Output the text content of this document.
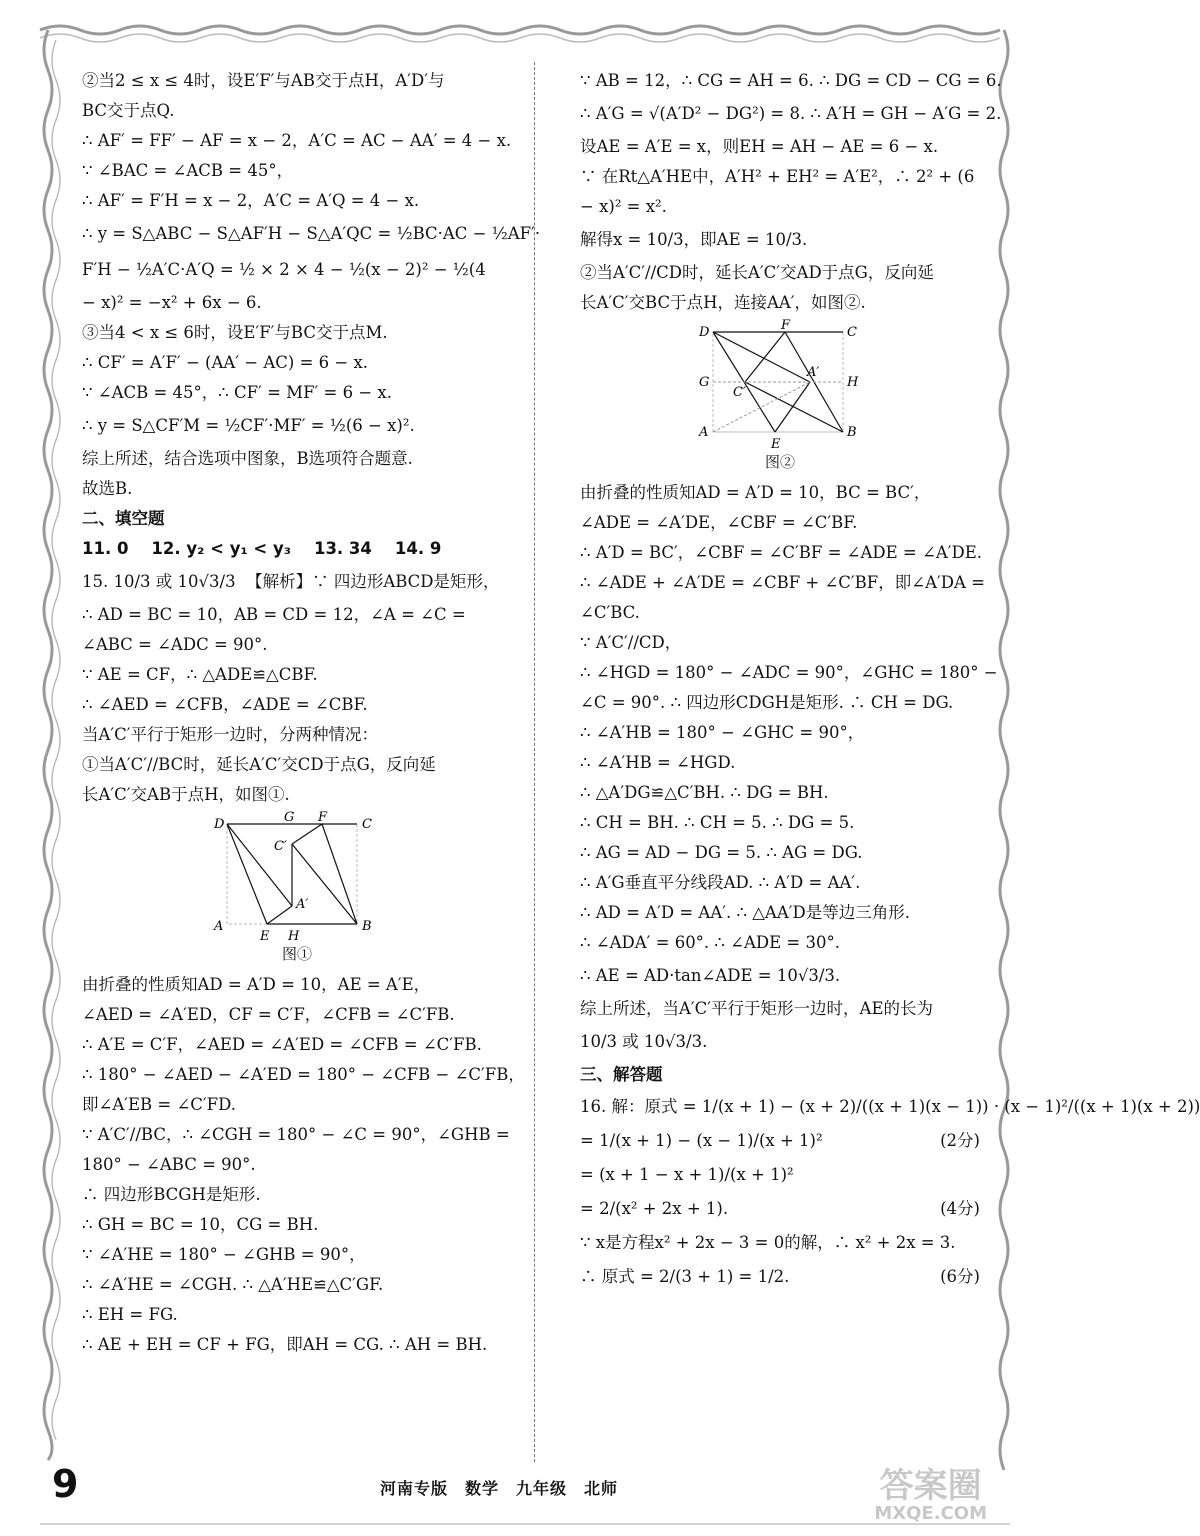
②当2 ≤ x ≤ 4时，设E′F′与AB交于点H，A′D′与
BC交于点Q.
∴ AF′ = FF′ − AF = x − 2，A′C = AC − AA′ = 4 − x.
∵ ∠BAC = ∠ACB = 45°，
∴ AF′ = F′H = x − 2，A′C = A′Q = 4 − x.
∴ y = S△ABC − S△AF′H − S△A′QC = ½BC·AC − ½AF′·
F′H − ½A′C·A′Q = ½ × 2 × 4 − ½(x − 2)² − ½(4
− x)² = −x² + 6x − 6.
③当4 < x ≤ 6时，设E′F′与BC交于点M.
∴ CF′ = A′F′ − (AA′ − AC) = 6 − x.
∵ ∠ACB = 45°，∴ CF′ = MF′ = 6 − x.
∴ y = S△CF′M = ½CF′·MF′ = ½(6 − x)².
综上所述，结合选项中图象，B选项符合题意.
故选B.
二、填空题
11. 0    12. y₂ < y₁ < y₃    13. 34    14. 9
15. 10/3 或 10√3/3  【解析】∵ 四边形ABCD是矩形，
∴ AD = BC = 10，AB = CD = 12，∠A = ∠C =
∠ABC = ∠ADC = 90°.
∵ AE = CF，∴ △ADE≌△CBF.
∴ ∠AED = ∠CFB，∠ADE = ∠CBF.
当A′C′平行于矩形一边时，分两种情况：
①当A′C′//BC时，延长A′C′交CD于点G，反向延
长A′C′交AB于点H，如图①.
D	G F	C
C′
A′
A
E H
B
图①
由折叠的性质知AD = A′D = 10，AE = A′E，
∠AED = ∠A′ED，CF = C′F，∠CFB = ∠C′FB.
∴ A′E = C′F，∠AED = ∠A′ED = ∠CFB = ∠C′FB.
∴ 180° − ∠AED − ∠A′ED = 180° − ∠CFB − ∠C′FB，
即∠A′EB = ∠C′FD.
∵ A′C′//BC，∴ ∠CGH = 180° − ∠C = 90°，∠GHB =
180° − ∠ABC = 90°.
∴ 四边形BCGH是矩形.
∴ GH = BC = 10，CG = BH.
∵ ∠A′HE = 180° − ∠GHB = 90°，
∴ ∠A′HE = ∠CGH. ∴ △A′HE≌△C′GF.
∴ EH = FG.
∴ AE + EH = CF + FG，即AH = CG. ∴ AH = BH.
∵ AB = 12，∴ CG = AH = 6. ∴ DG = CD − CG = 6.
∴ A′G = √(A′D² − DG²) = 8. ∴ A′H = GH − A′G = 2.
设AE = A′E = x，则EH = AH − AE = 6 − x.
∵ 在Rt△A′HE中，A′H² + EH² = A′E²，∴ 2² + (6
− x)² = x².
解得x = 10/3，即AE = 10/3.
②当A′C′//CD时，延长A′C′交AD于点G，反向延
长A′C′交BC于点H，连接AA′，如图②.
D	F	C
G
C′
A′
H
A
E
B
图②
由折叠的性质知AD = A′D = 10，BC = BC′，
∠ADE = ∠A′DE，∠CBF = ∠C′BF.
∴ A′D = BC′，∠CBF = ∠C′BF = ∠ADE = ∠A′DE.
∴ ∠ADE + ∠A′DE = ∠CBF + ∠C′BF，即∠A′DA =
∠C′BC.
∵ A′C′//CD，
∴ ∠HGD = 180° − ∠ADC = 90°，∠GHC = 180° −
∠C = 90°. ∴ 四边形CDGH是矩形. ∴ CH = DG.
∴ ∠A′HB = 180° − ∠GHC = 90°，
∴ ∠A′HB = ∠HGD.
∴ △A′DG≌△C′BH. ∴ DG = BH.
∴ CH = BH. ∴ CH = 5. ∴ DG = 5.
∴ AG = AD − DG = 5. ∴ AG = DG.
∴ A′G垂直平分线段AD. ∴ A′D = AA′.
∴ AD = A′D = AA′. ∴ △AA′D是等边三角形.
∴ ∠ADA′ = 60°. ∴ ∠ADE = 30°.
∴ AE = AD·tan∠ADE = 10√3/3.
综上所述，当A′C′平行于矩形一边时，AE的长为
10/3 或 10√3/3.
三、解答题
16. 解：原式 = 1/(x + 1) − (x + 2)/((x + 1)(x − 1)) · (x − 1)²/((x + 1)(x + 2))
= 1/(x + 1) − (x − 1)/(x + 1)²	(2分)
= (x + 1 − x + 1)/(x + 1)²
= 2/(x² + 2x + 1).	(4分)
∵ x是方程x² + 2x − 3 = 0的解，∴ x² + 2x = 3.
∴ 原式 = 2/(3 + 1) = 1/2.	(6分)
9	河南专版　数学　九年级　北师	答案圈
MXQE.COM
